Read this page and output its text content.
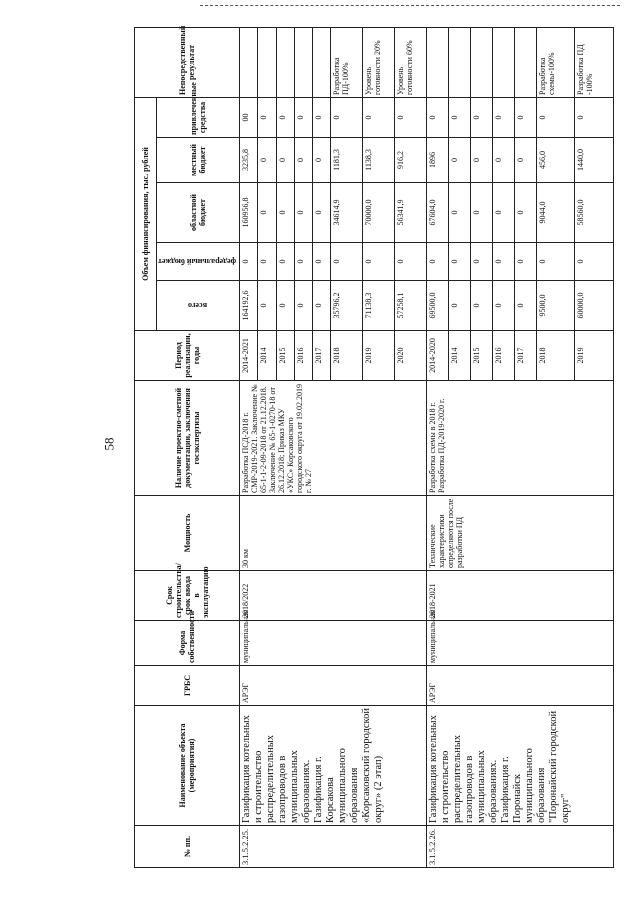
58
№ пп.	Наименование объекта (мероприятия)	ГРБС	Форма собственности	Срок строительства/срок ввода в эксплуатацию	Мощность	Наличие проектно-сметной документации, заключения госэкспертизы	Период реализации, годы	Объем финансирования, тыс. рублей					Непосредственный результат
								всего	федеральный бюджет	областной бюджет	местный бюджет	привлеченные средства	
3.1.5.2.25.	Газификация котельных и строительство распределительных газопроводов в муниципальных образованиях. Газификация г. Корсакова муниципального образования «Корсаковский городской округ» (2 этап)	АРЭГ	муниципальная	2018/2022	30 км	Разработка ПСД-2018 г. СМР-2019-2021. Заключение № 65-1-1-2-09-2018 от 21.12.2018. Заключение № 65-1-0270-18 от 26.12.2018; Приказ МКУ «УКС» Корсаковского городского округа от 19.02.2019 г. № 27	2014-2021	164192,6	0	160956,8	3235,8	00	
							2014	0	0	0	0	0	
							2015	0	0	0	0	0	
							2016	0	0	0	0	0	
							2017	0	0	0	0	0	
							2018	35796,2	0	34614,9	1181,3	0	Разработка ПД-100%
							2019	71138,3	0	70000,0	1138,3	0	Уровень готовности 20%
							2020	57258,1	0	56341,9	916,2	0	Уровень готовности 60%
3.1.5.2.26.	Газификация котельных и строительство распределительных газопроводов в муниципальных образованиях. Газификация г. Поронайск муниципального образования "Поронайский городской округ"	АРЭГ	муниципальная	2018-2021	Технические характеристики определяются после разработки ПД	Разработка схемы в 2018 г. Разработка ПД-2019-2020 г.	2014-2020	69500,0	0	67604,0	1896	0	
							2014	0	0	0	0	0	
							2015	0	0	0	0	0	
							2016	0	0	0	0	0	
							2017	0	0	0	0	0	
							2018	9500,0	0	9044,0	456,0	0	Разработка схемы-100%
							2019	60000,0	0	58560,0	1440,0	0	Разработка ПД -100%
